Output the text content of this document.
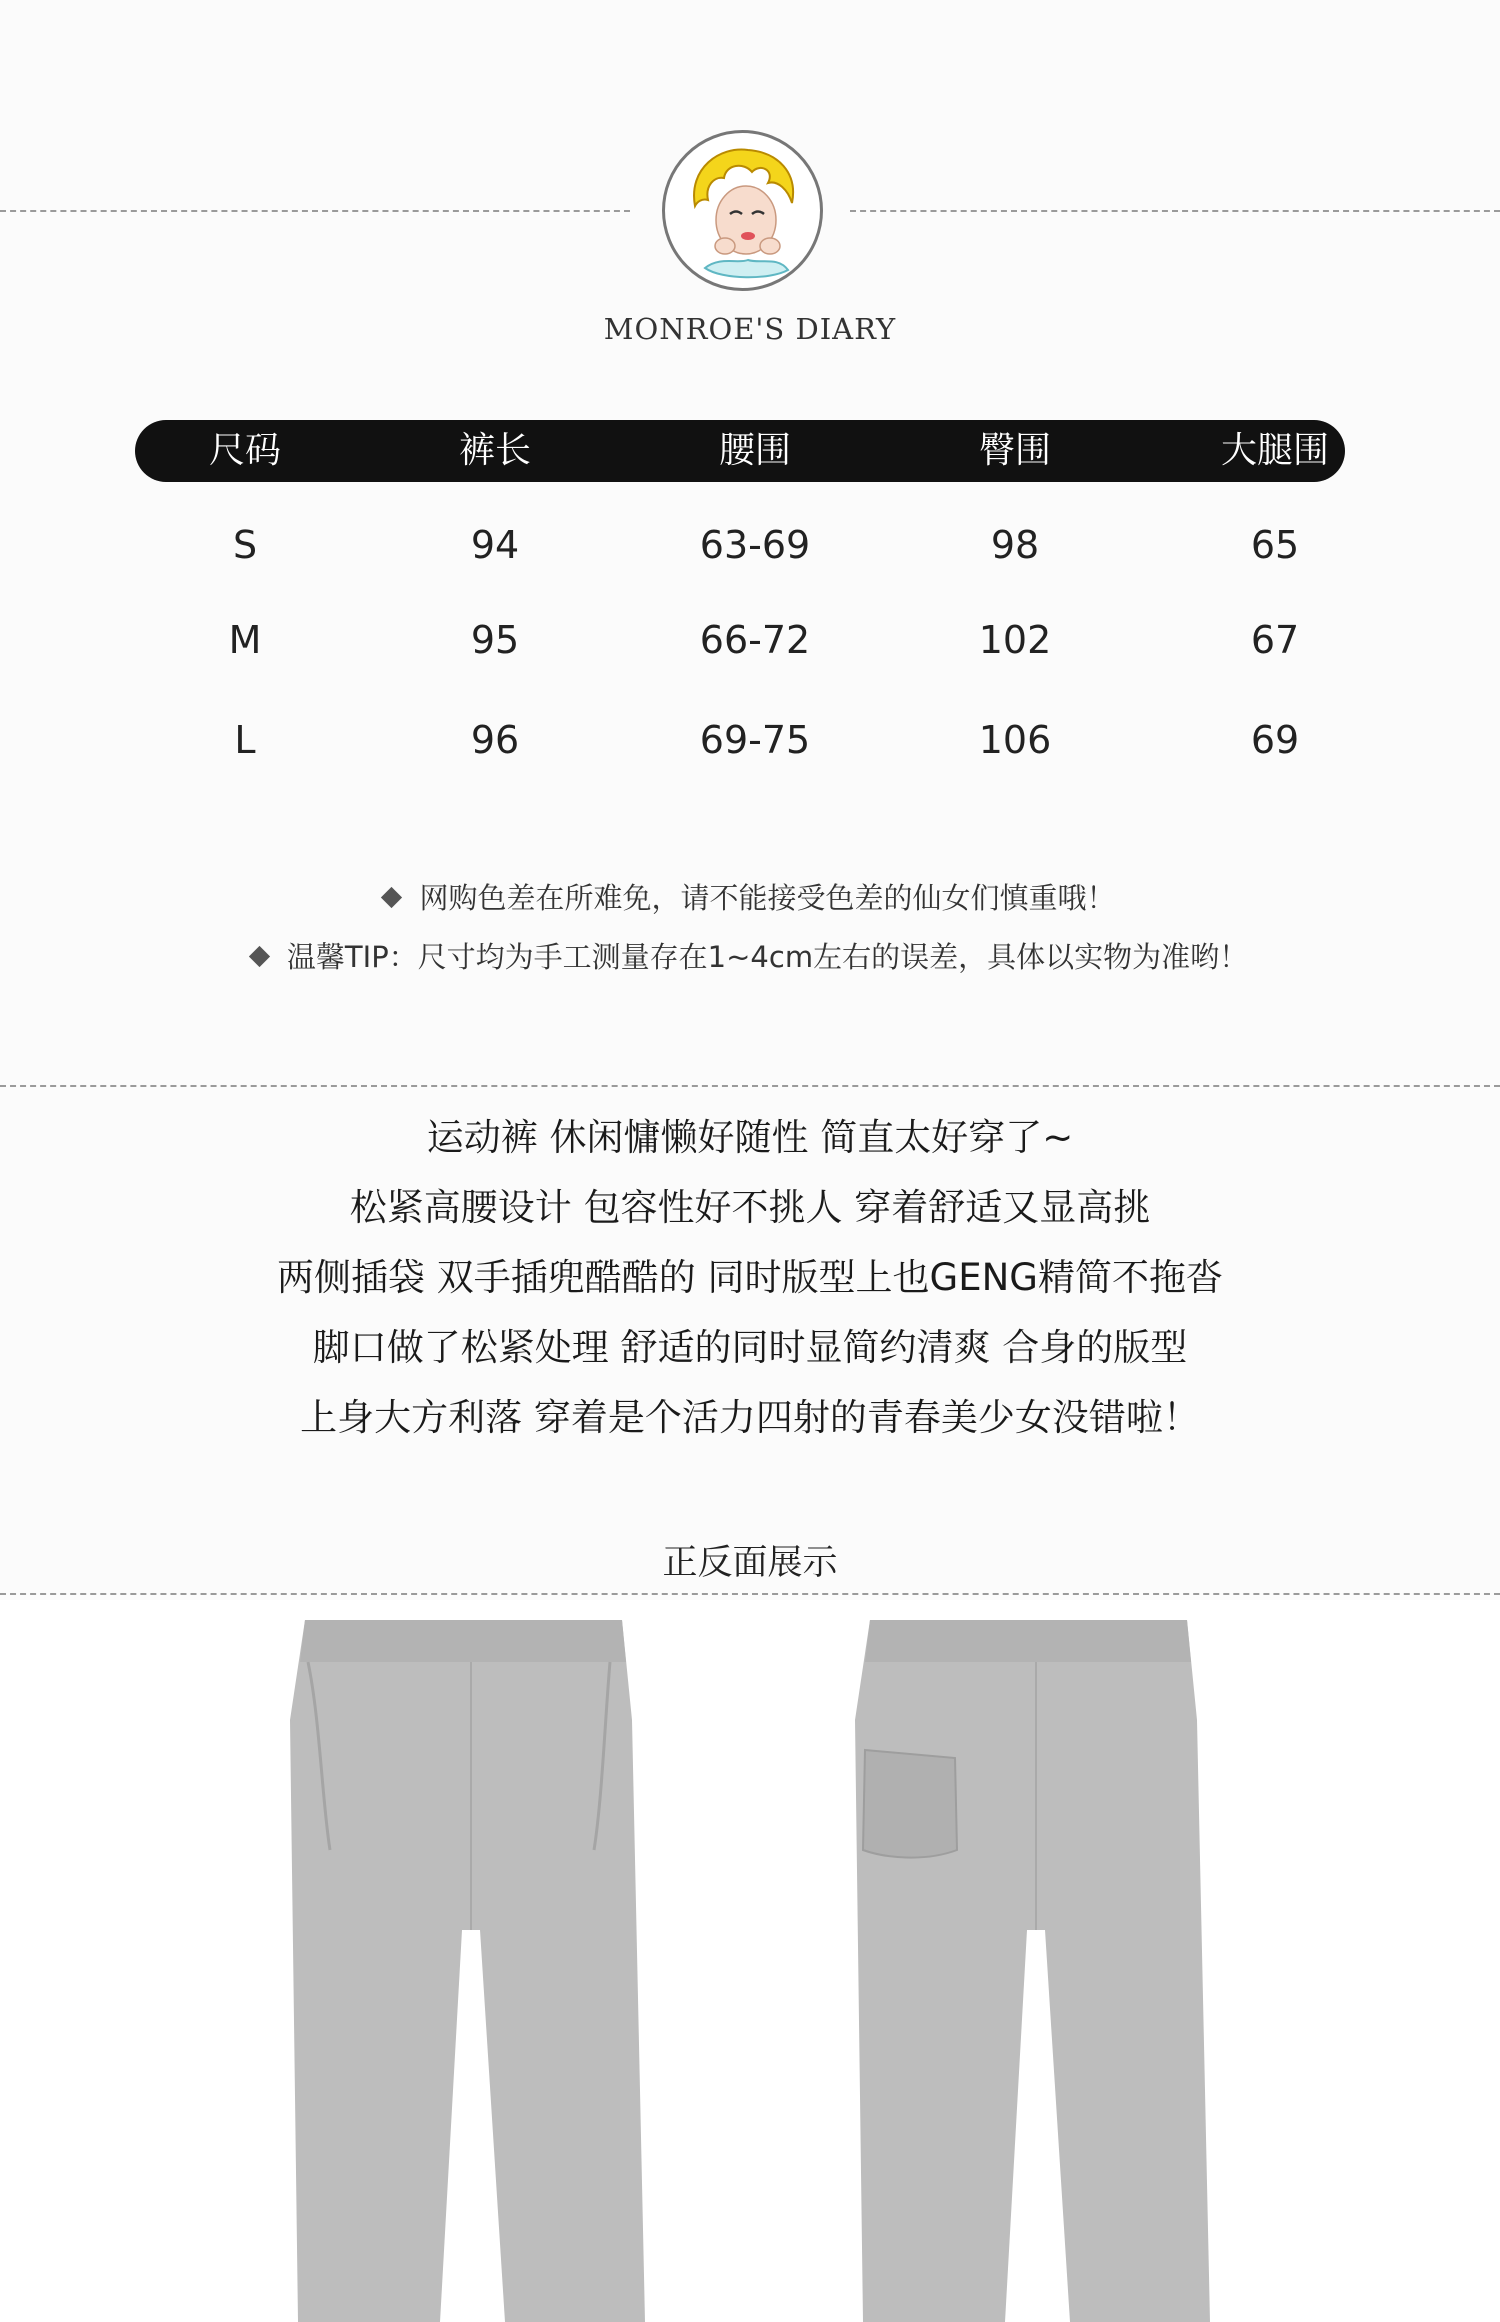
MONROE'S DIARY
尺码	裤长	腰围	臀围	大腿围
S	94	63-69	98	65
M	95	66-72	102	67
L	96	69-75	106	69
网购色差在所难免，请不能接受色差的仙女们慎重哦！
温馨TIP：尺寸均为手工测量存在1~4cm左右的误差，具体以实物为准哟！
运动裤 休闲慵懒好随性 简直太好穿了~
松紧高腰设计 包容性好不挑人 穿着舒适又显高挑
两侧插袋 双手插兜酷酷的 同时版型上也GENG精简不拖沓
脚口做了松紧处理 舒适的同时显简约清爽 合身的版型
上身大方利落 穿着是个活力四射的青春美少女没错啦！
正反面展示
